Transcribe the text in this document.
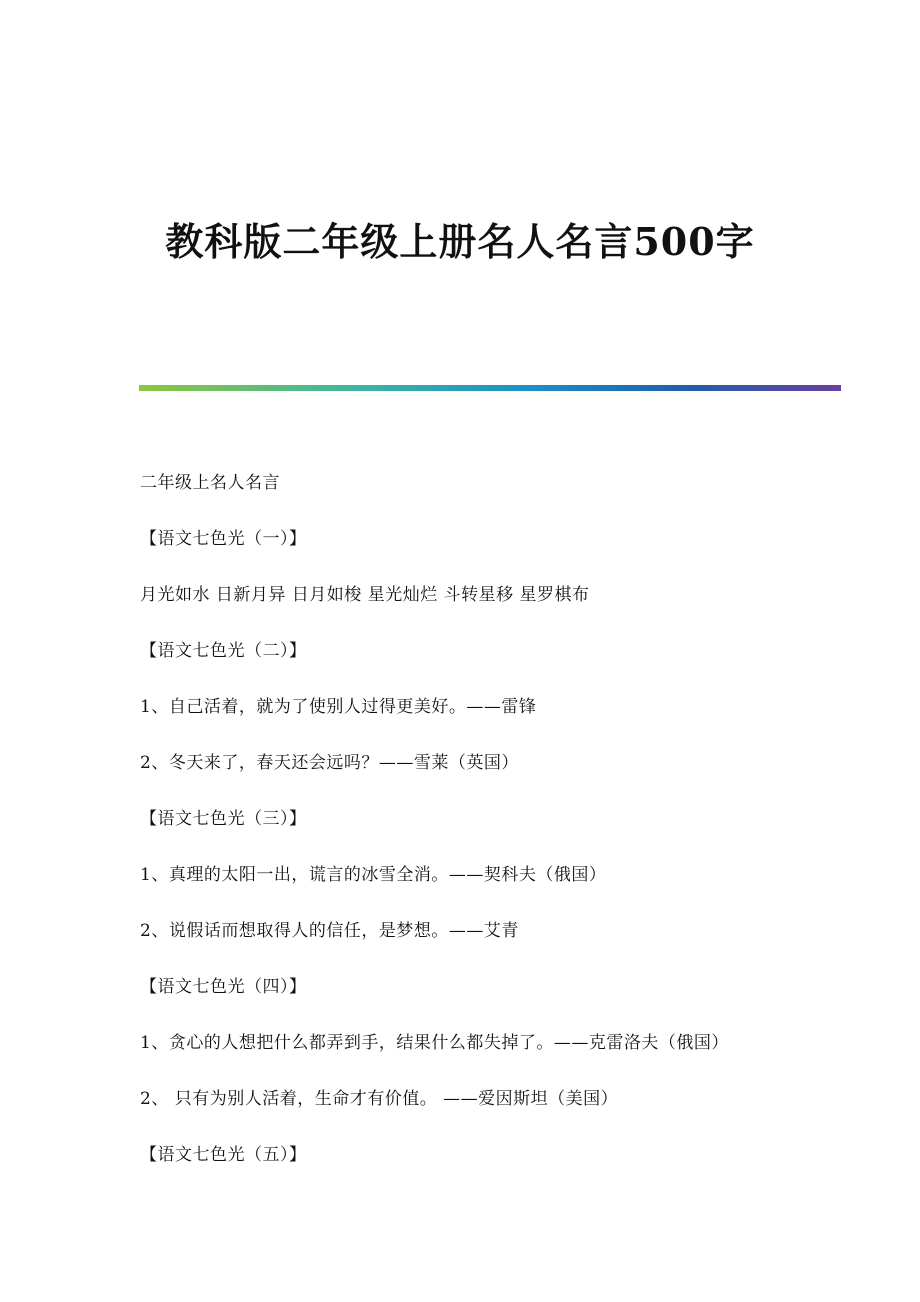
教科版二年级上册名人名言500字
二年级上名人名言
【语文七色光（一）】
月光如水 日新月异 日月如梭 星光灿烂 斗转星移 星罗棋布
【语文七色光（二）】
1、自己活着，就为了使别人过得更美好。——雷锋
2、冬天来了，春天还会远吗？——雪莱（英国）
【语文七色光（三）】
1、真理的太阳一出，谎言的冰雪全消。——契科夫（俄国）
2、说假话而想取得人的信任，是梦想。——艾青
【语文七色光（四）】
1、贪心的人想把什么都弄到手，结果什么都失掉了。——克雷洛夫（俄国）
2、 只有为别人活着，生命才有价值。 ——爱因斯坦（美国）
【语文七色光（五）】
